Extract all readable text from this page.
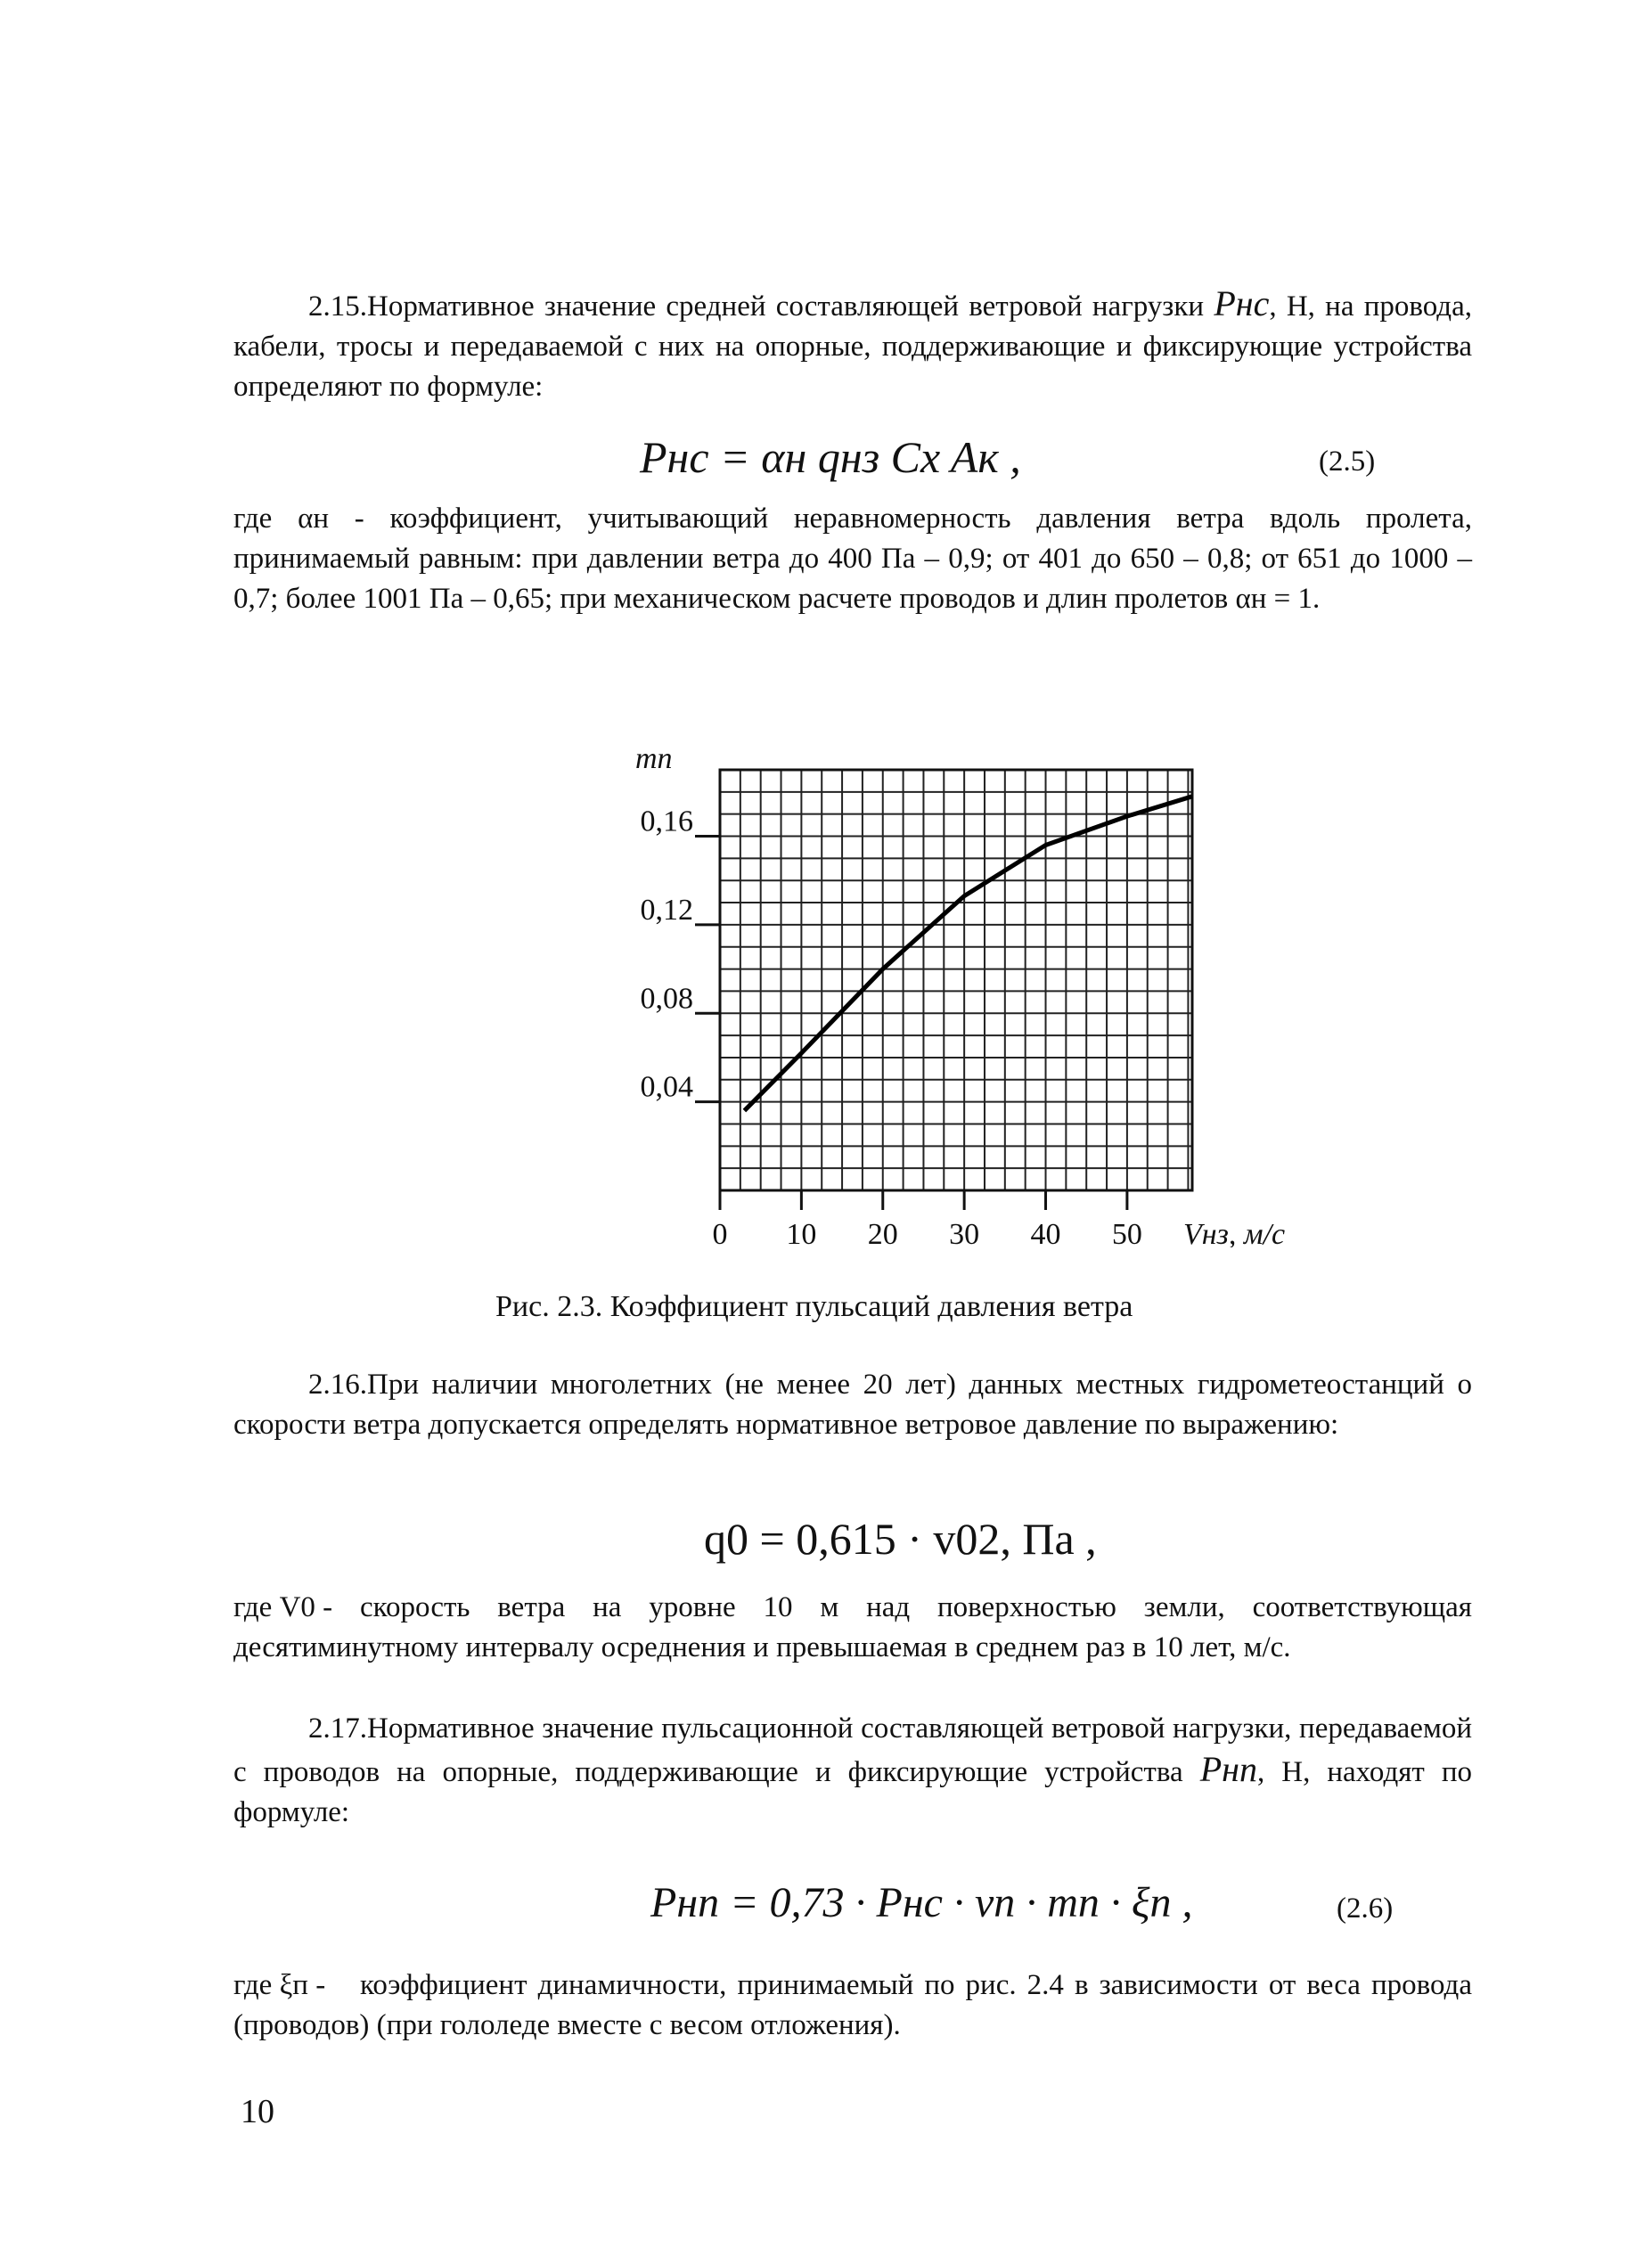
2.15.Нормативное значение средней составляющей ветровой нагрузки Pнс, Н, на провода, кабели, тросы и передаваемой с них на опорные, поддерживающие и фиксирующие устройства определяют по формуле:
Pнс = αн qнз Cx Aк ,	(2.5)
где αн - коэффициент, учитывающий неравномерность давления ветра вдоль пролета, принимаемый равным: при давлении ветра до 400 Па – 0,9; от 401 до 650 – 0,8; от 651 до 1000 – 0,7; более 1001 Па – 0,65; при механическом расчете проводов и длин пролетов αн = 1.
0,04
0,08
0,12
0,16
0 10 20 30 40 50
mп
Vнз, м/с
Рис. 2.3. Коэффициент пульсаций давления ветра
2.16.При наличии многолетних (не менее 20 лет) данных местных гидрометеостанций о скорости ветра допускается определять нормативное ветровое давление по выражению:
q0 = 0,615 · v02, Па ,
где V0 - скорость ветра на уровне 10 м над поверхностью земли, соответствующая десятиминутному интервалу осреднения и превышаемая в среднем раз в 10 лет, м/с.
2.17.Нормативное значение пульсационной составляющей ветровой нагрузки, передаваемой с проводов на опорные, поддерживающие и фиксирующие устройства Pнп, Н, находят по формуле:
Pнп = 0,73 · Pнс · vп · mп · ξп ,	(2.6)
где ξп - коэффициент динамичности, принимаемый по рис. 2.4 в зависимости от веса провода (проводов) (при гололеде вместе с весом отложения).
10
